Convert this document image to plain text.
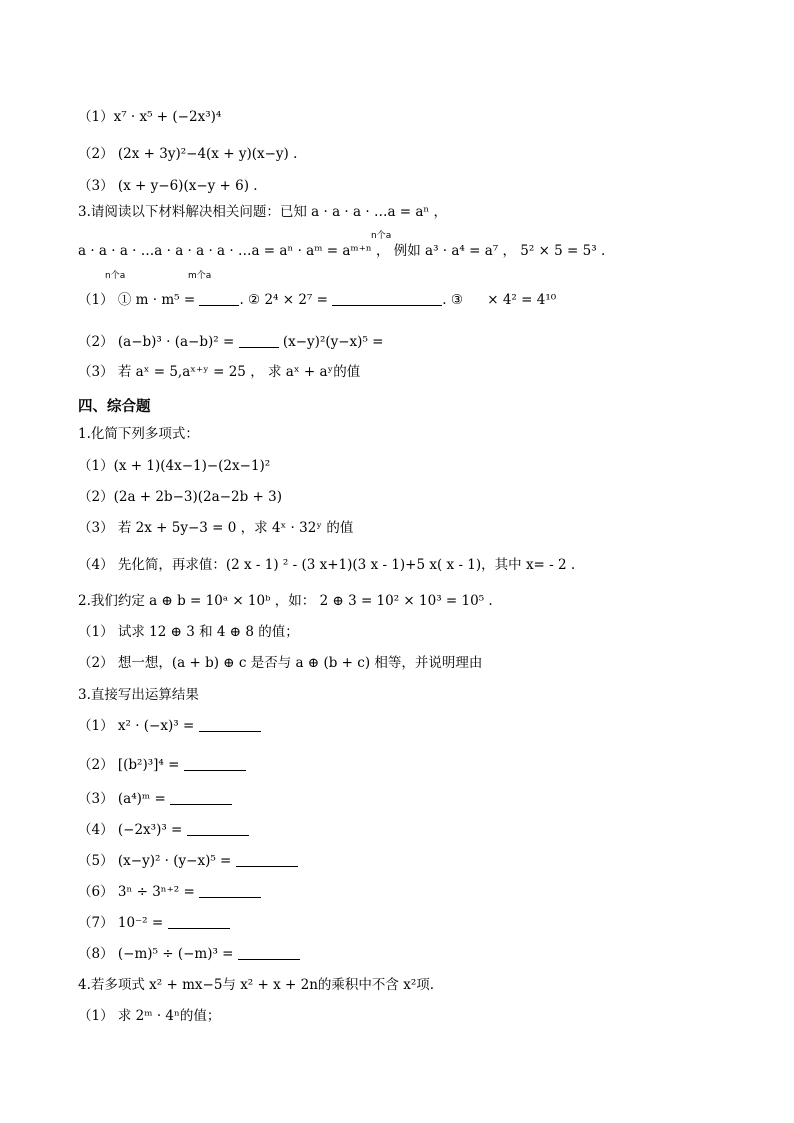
（1）x⁷ · x⁵ + (−2x³)⁴
（2） (2x + 3y)²−4(x + y)(x−y) .
（3） (x + y−6)(x−y + 6) .
3.请阅读以下材料解决相关问题：已知 a · a · a · …a = aⁿ ，
n个a
a · a · a · …a · a · a · a · …a = aⁿ · aᵐ = aᵐ⁺ⁿ ， 例如 a³ · a⁴ = a⁷ ， 5² × 5 = 5³ .
n个a	m个a
（1） ① m · m⁵ =	. ② 2⁴ × 2⁷ =	. ③ × 4² = 4¹⁰
（2） (a−b)³ · (a−b)² =	(x−y)²(y−x)⁵ =
（3） 若 aˣ = 5,aˣ⁺ʸ = 25 ， 求 aˣ + aʸ的值
四、综合题
1.化简下列多项式：
（1）(x + 1)(4x−1)−(2x−1)²
（2）(2a + 2b−3)(2a−2b + 3)
（3） 若 2x + 5y−3 = 0 ，求 4ˣ · 32ʸ 的值
（4） 先化简，再求值：(2 x - 1) ² - (3 x+1)(3 x - 1)+5 x( x - 1)，其中 x= - 2 .
2.我们约定 a ⊕ b = 10ᵃ × 10ᵇ ，如： 2 ⊕ 3 = 10² × 10³ = 10⁵ .
（1） 试求 12 ⊕ 3 和 4 ⊕ 8 的值；
（2） 想一想，(a + b) ⊕ c 是否与 a ⊕ (b + c) 相等，并说明理由
3.直接写出运算结果
（1） x² · (−x)³ =
（2） [(b²)³]⁴ =
（3） (a⁴)ᵐ =
（4） (−2x³)³ =
（5） (x−y)² · (y−x)⁵ =
（6） 3ⁿ ÷ 3ⁿ⁺² =
（7） 10⁻² =
（8） (−m)⁵ ÷ (−m)³ =
4.若多项式 x² + mx−5与 x² + x + 2n的乘积中不含 x²项.
（1） 求 2ᵐ · 4ⁿ的值；
